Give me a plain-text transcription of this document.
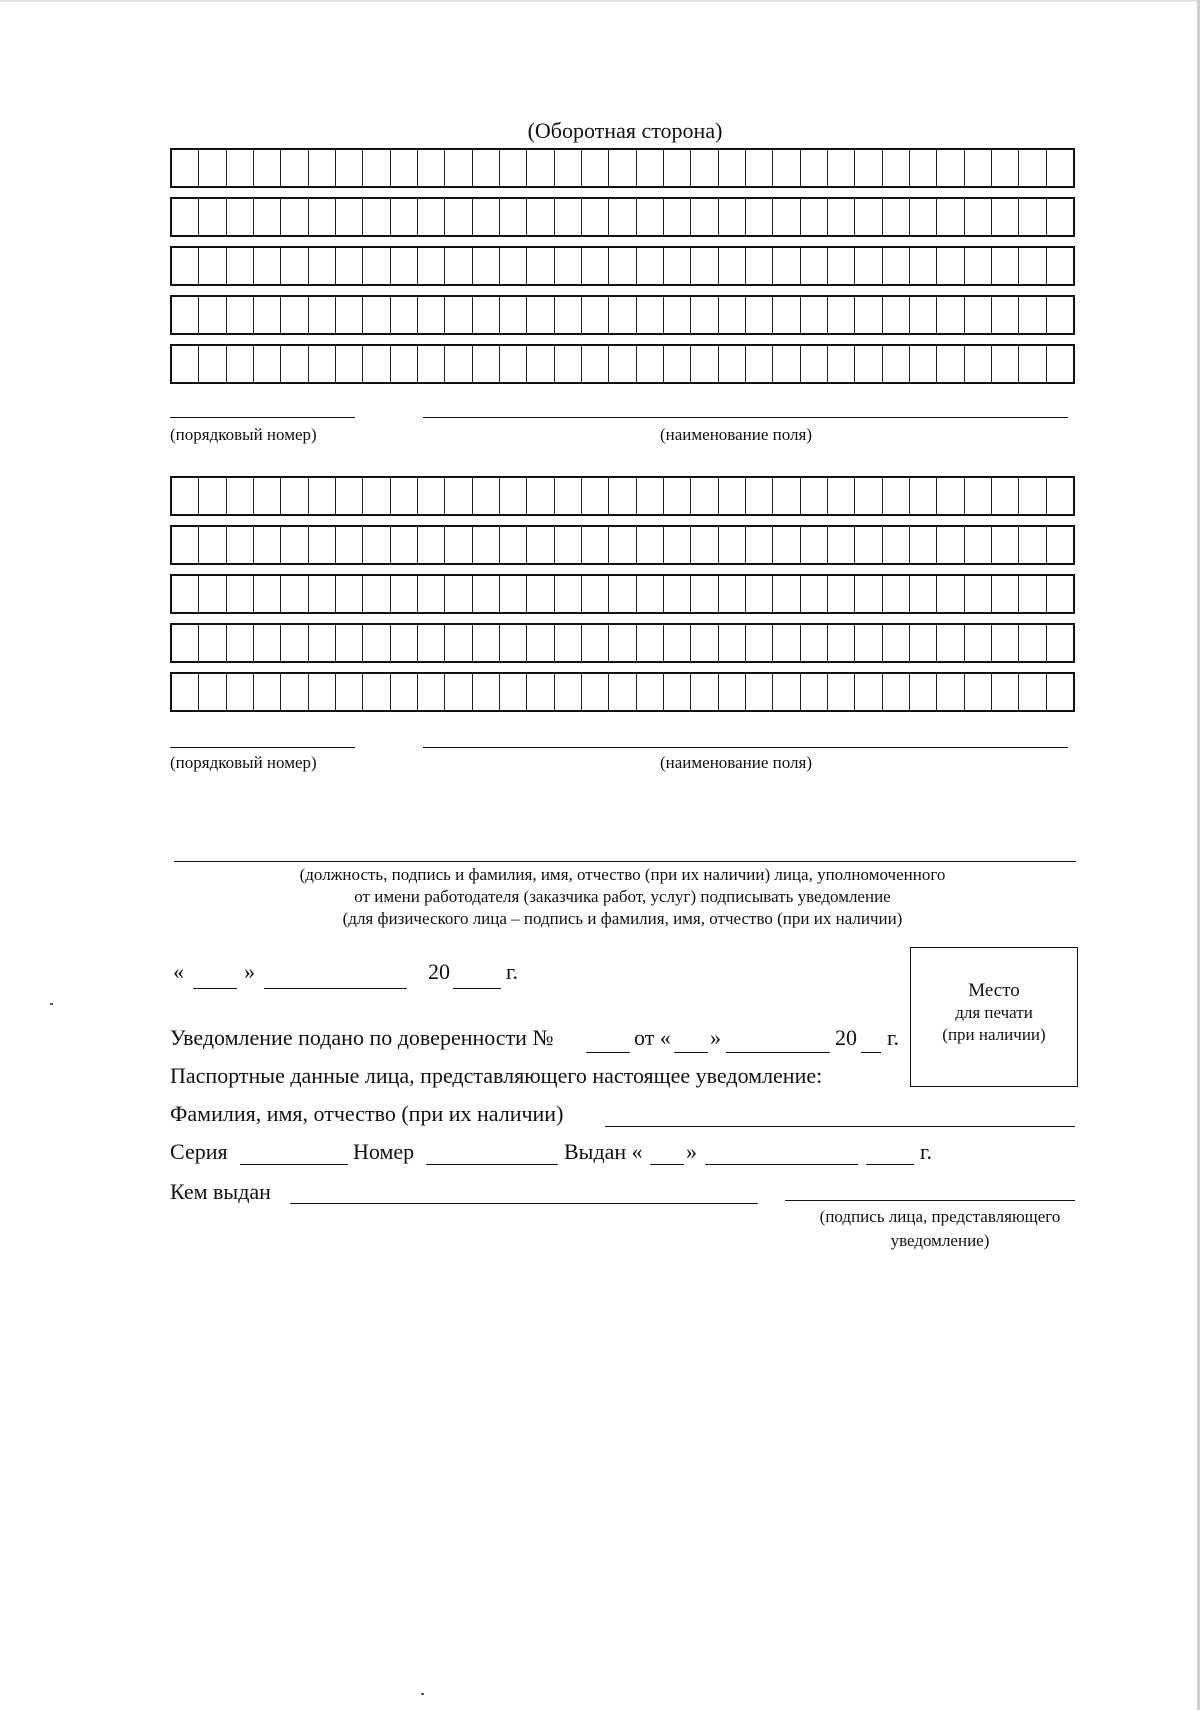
(Оборотная сторона)
(порядковый номер)	(наименование поля)
(порядковый номер)	(наименование поля)
(должность, подпись и фамилия, имя, отчество (при их наличии) лица, уполномоченного
от имени работодателя (заказчика работ, услуг) подписывать уведомление
(для физического лица – подпись и фамилия, имя, отчество (при их наличии)
«	»	20	г.
Место
для печати
(при наличии)
Уведомление подано по доверенности №	от « »	20 г.
Паспортные данные лица, представляющего настоящее уведомление:
Фамилия, имя, отчество (при их наличии)
Серия	Номер	Выдан « »	г.
Кем выдан
(подпись лица, представляющего
уведомление)
